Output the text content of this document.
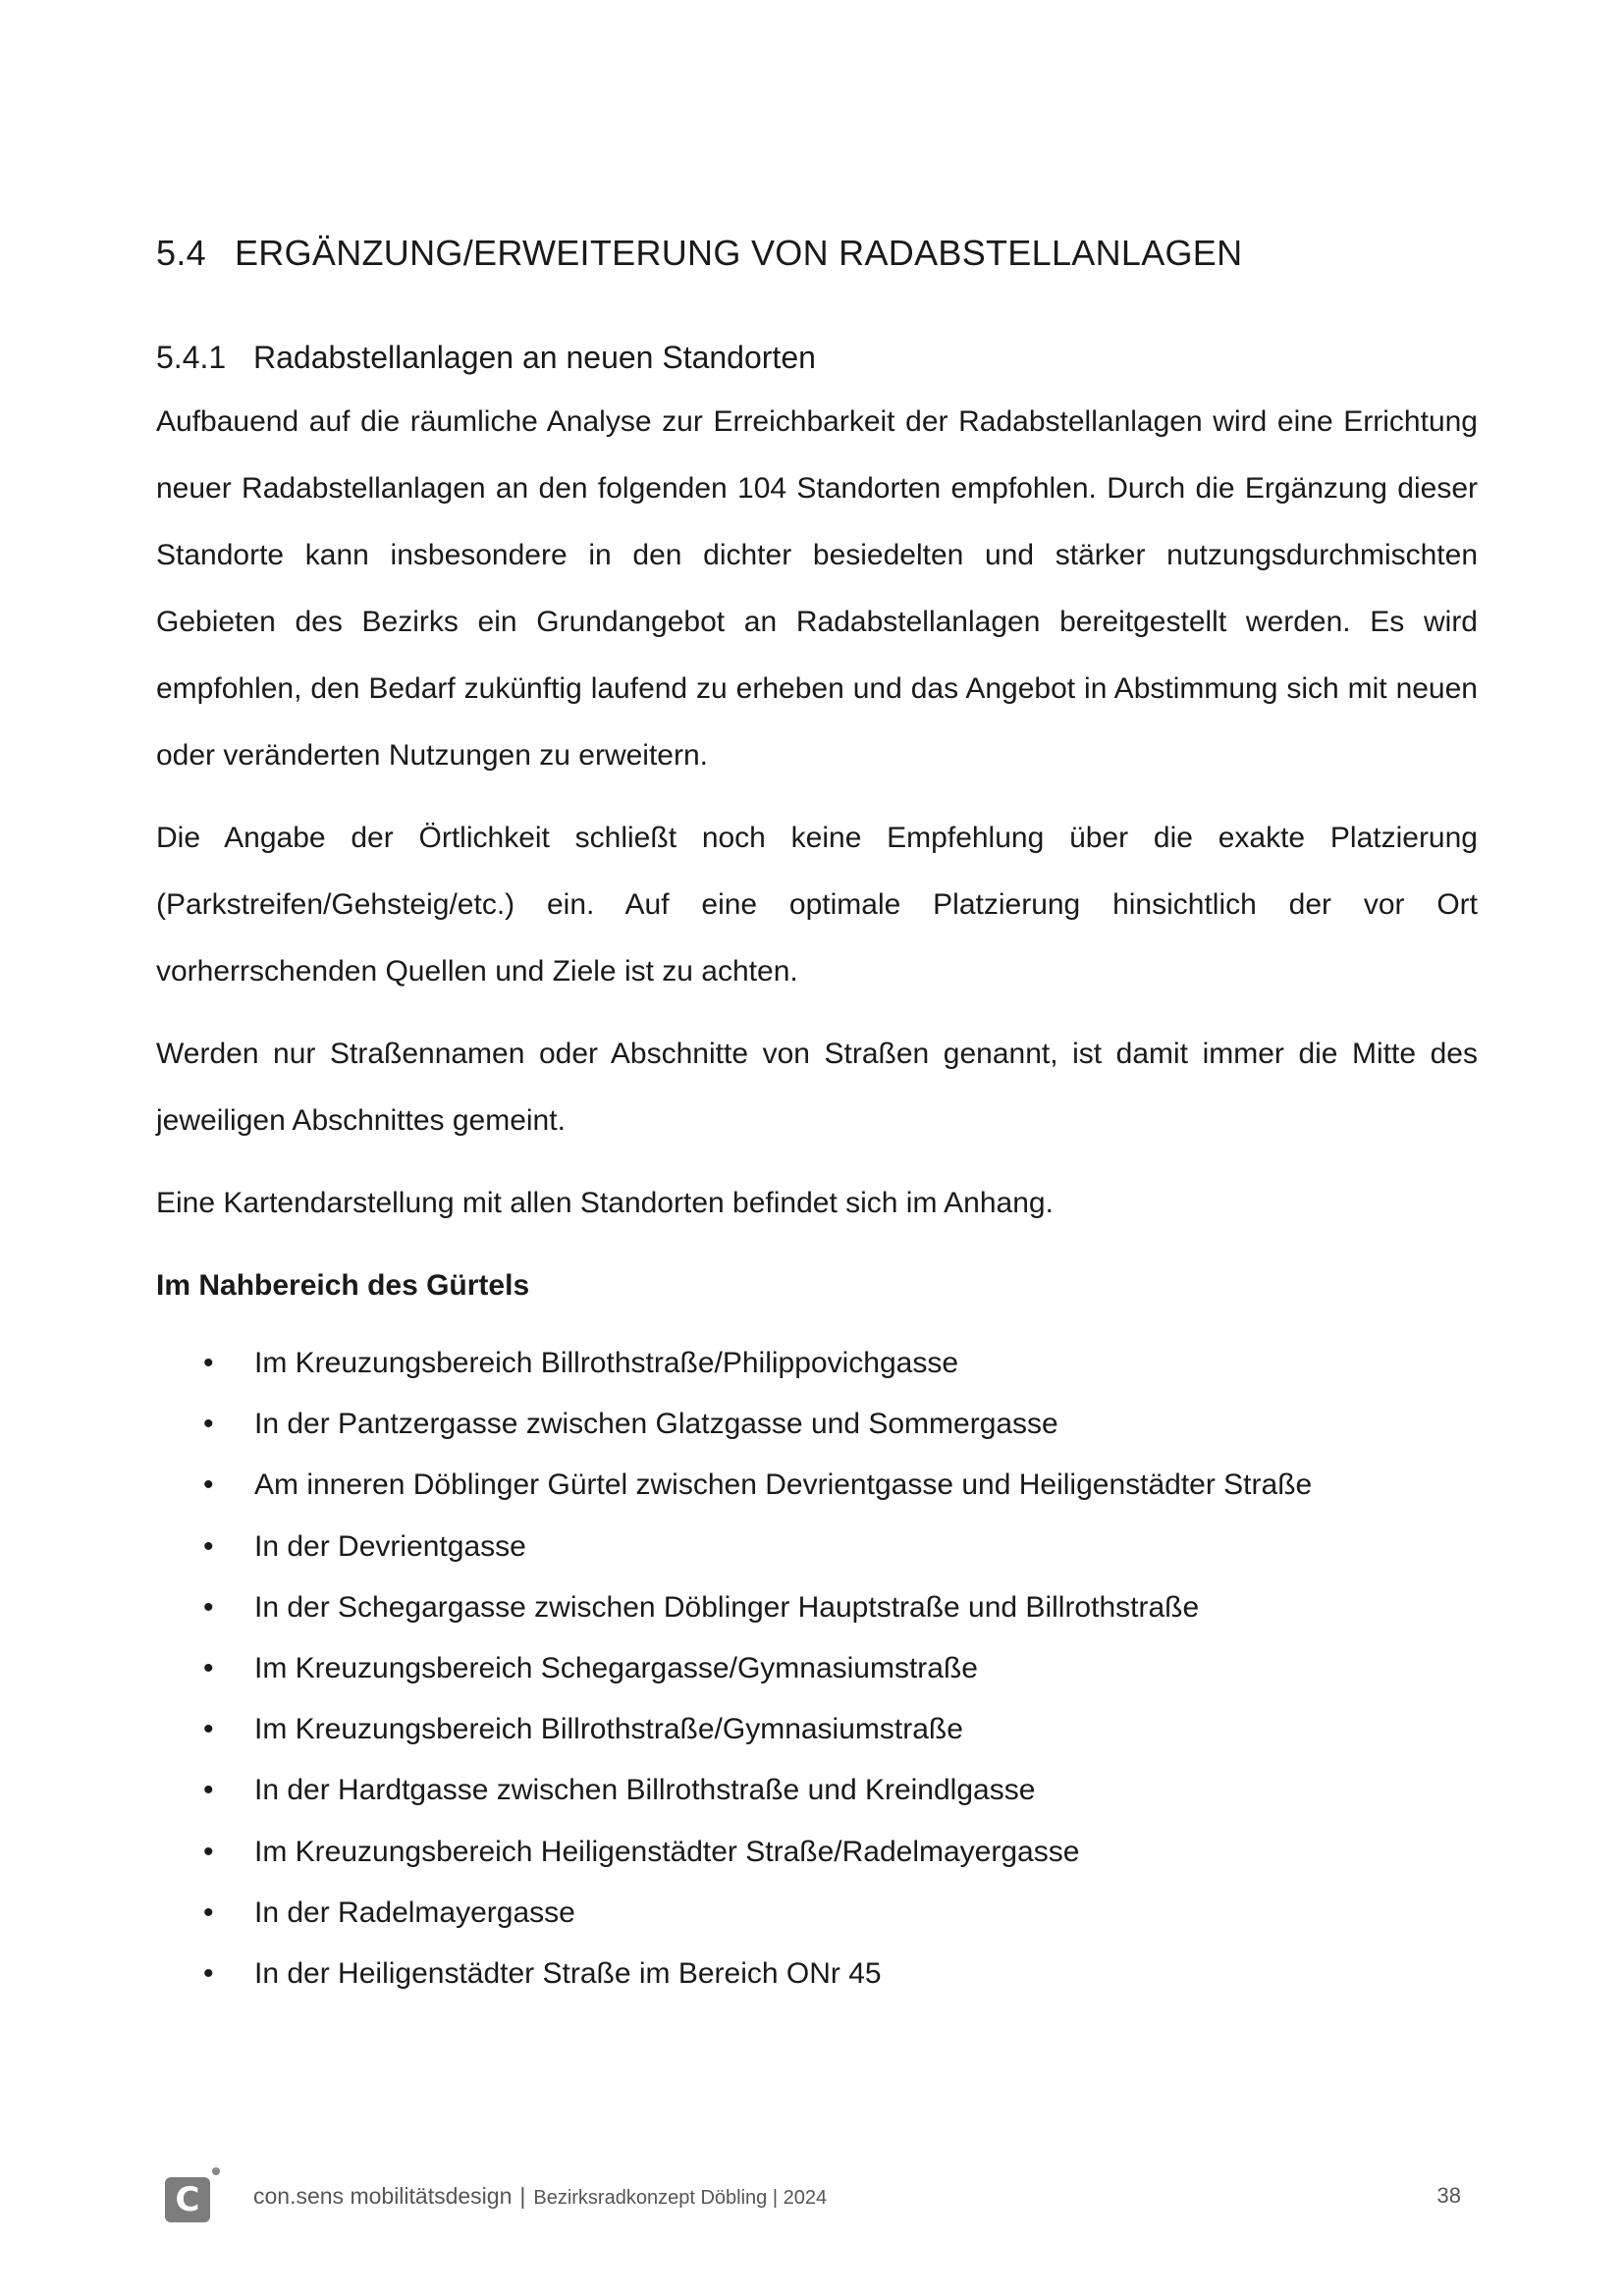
5.4 ERGÄNZUNG/ERWEITERUNG VON RADABSTELLANLAGEN
5.4.1 Radabstellanlagen an neuen Standorten

Aufbauend auf die räumliche Analyse zur Erreichbarkeit der Radabstellanlagen wird eine Errichtung neuer Radabstellanlagen an den folgenden 104 Standorten empfohlen. Durch die Ergänzung dieser Standorte kann insbesondere in den dichter besiedelten und stärker nutzungsdurchmischten Gebieten des Bezirks ein Grundangebot an Radabstellanlagen bereitgestellt werden. Es wird empfohlen, den Bedarf zukünftig laufend zu erheben und das Angebot in Abstimmung sich mit neuen oder veränderten Nutzungen zu erweitern.

Die Angabe der Örtlichkeit schließt noch keine Empfehlung über die exakte Platzierung (Parkstreifen/Gehsteig/etc.) ein. Auf eine optimale Platzierung hinsichtlich der vor Ort vorherrschenden Quellen und Ziele ist zu achten.

Werden nur Straßennamen oder Abschnitte von Straßen genannt, ist damit immer die Mitte des jeweiligen Abschnittes gemeint.

Eine Kartendarstellung mit allen Standorten befindet sich im Anhang.

Im Nahbereich des Gürtels

• Im Kreuzungsbereich Billrothstraße/Philippovichgasse
• In der Pantzergasse zwischen Glatzgasse und Sommergasse
• Am inneren Döblinger Gürtel zwischen Devrientgasse und Heiligenstädter Straße
• In der Devrientgasse
• In der Schegargasse zwischen Döblinger Hauptstraße und Billrothstraße
• Im Kreuzungsbereich Schegargasse/Gymnasiumstraße
• Im Kreuzungsbereich Billrothstraße/Gymnasiumstraße
• In der Hardtgasse zwischen Billrothstraße und Kreindlgasse
• Im Kreuzungsbereich Heiligenstädter Straße/Radelmayergasse
• In der Radelmayergasse
• In der Heiligenstädter Straße im Bereich ONr 45
C	con.sens mobilitätsdesign | Bezirksradkonzept Döbling | 2024	38
